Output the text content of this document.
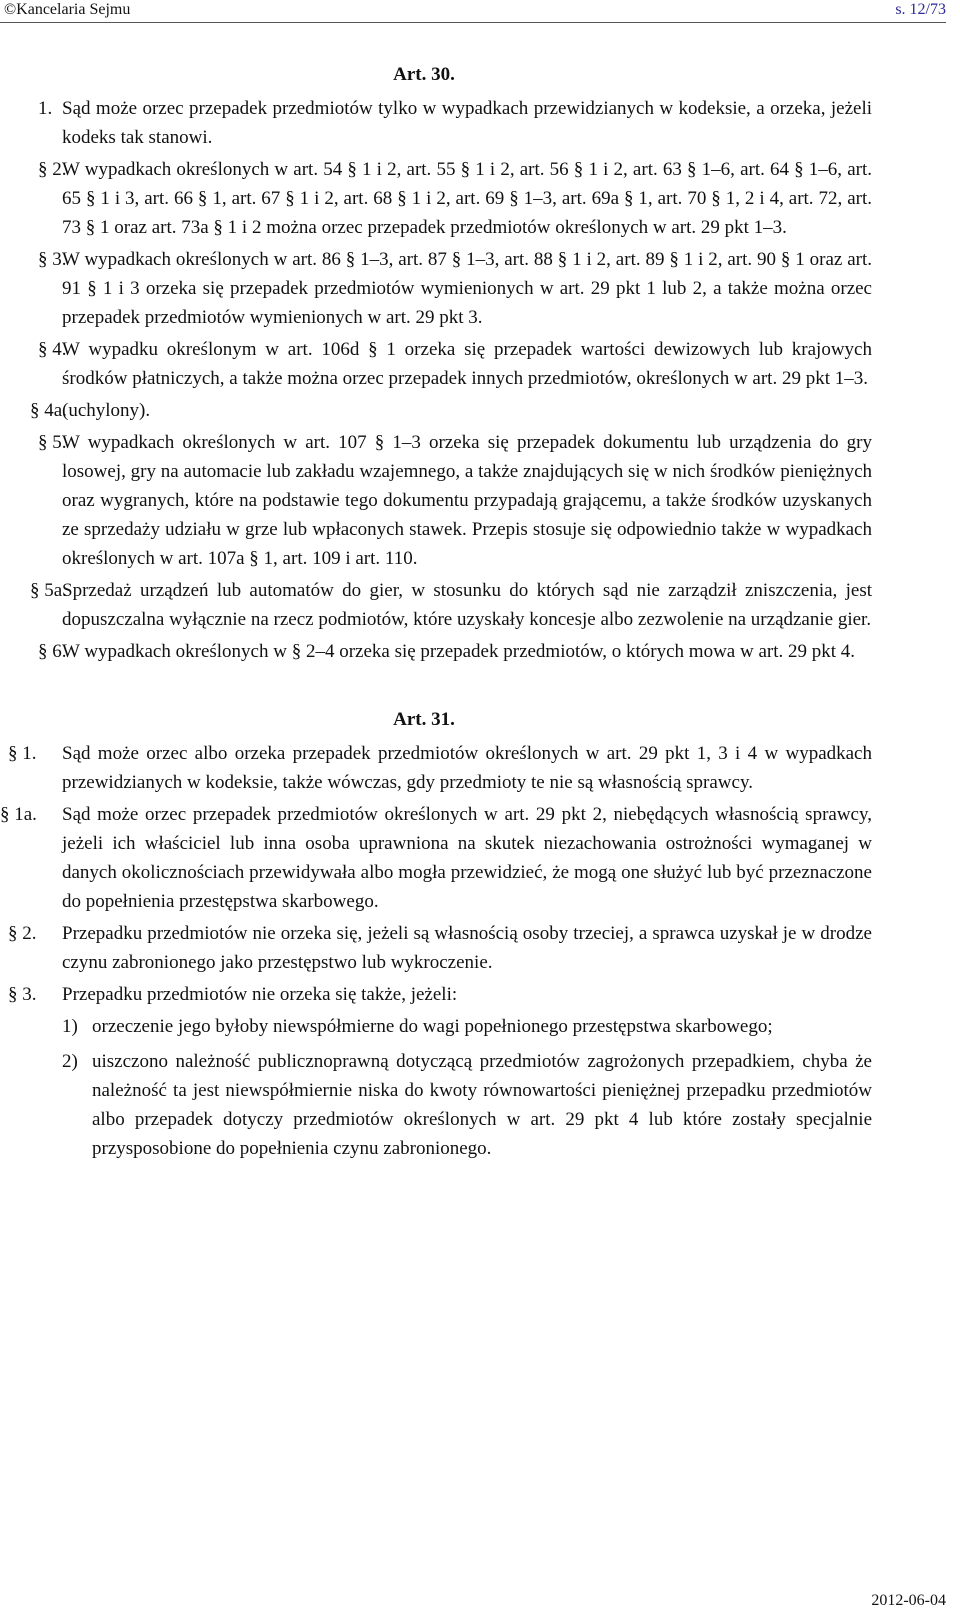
©Kancelaria Sejmu	s. 12/73
Art. 30.
1. Sąd może orzec przepadek przedmiotów tylko w wypadkach przewidzianych w kodeksie, a orzeka, jeżeli kodeks tak stanowi.
§ 2.
W wypadkach określonych w art. 54 § 1 i 2, art. 55 § 1 i 2, art. 56 § 1 i 2, art. 63 § 1–6, art. 64 § 1–6, art. 65 § 1 i 3, art. 66 § 1, art. 67 § 1 i 2, art. 68 § 1 i 2, art. 69 § 1–3, art. 69a § 1, art. 70 § 1, 2 i 4, art. 72, art. 73 § 1 oraz art. 73a § 1 i 2 można orzec przepadek przedmiotów określonych w art. 29 pkt 1–3.
§ 3.
W wypadkach określonych w art. 86 § 1–3, art. 87 § 1–3, art. 88 § 1 i 2, art. 89 § 1 i 2, art. 90 § 1 oraz art. 91 § 1 i 3 orzeka się przepadek przedmiotów wymienionych w art. 29 pkt 1 lub 2, a także można orzec przepadek przedmiotów wymienionych w art. 29 pkt 3.
§ 4.
W wypadku określonym w art. 106d § 1 orzeka się przepadek wartości dewizowych lub krajowych środków płatniczych, a także można orzec przepadek innych przedmiotów, określonych w art. 29 pkt 1–3.
§ 4a.
(uchylony).
§ 5.
W wypadkach określonych w art. 107 § 1–3 orzeka się przepadek dokumentu lub urządzenia do gry losowej, gry na automacie lub zakładu wzajemnego, a także znajdujących się w nich środków pieniężnych oraz wygranych, które na podstawie tego dokumentu przypadają grającemu, a także środków uzyskanych ze sprzedaży udziału w grze lub wpłaconych stawek. Przepis stosuje się odpowiednio także w wypadkach określonych w art. 107a § 1, art. 109 i art. 110.
§ 5a.
Sprzedaż urządzeń lub automatów do gier, w stosunku do których sąd nie zarządził zniszczenia, jest dopuszczalna wyłącznie na rzecz podmiotów, które uzyskały koncesje albo zezwolenie na urządzanie gier.
§ 6.
W wypadkach określonych w § 2–4 orzeka się przepadek przedmiotów, o których mowa w art. 29 pkt 4.
Art. 31.
§ 1.	Sąd może orzec albo orzeka przepadek przedmiotów określonych w art. 29 pkt 1, 3 i 4 w wypadkach przewidzianych w kodeksie, także wówczas, gdy przedmioty te nie są własnością sprawcy.
§ 1a.	Sąd może orzec przepadek przedmiotów określonych w art. 29 pkt 2, niebędących własnością sprawcy, jeżeli ich właściciel lub inna osoba uprawniona na skutek niezachowania ostrożności wymaganej w danych okolicznościach przewidywała albo mogła przewidzieć, że mogą one służyć lub być przeznaczone do popełnienia przestępstwa skarbowego.
§ 2.	Przepadku przedmiotów nie orzeka się, jeżeli są własnością osoby trzeciej, a sprawca uzyskał je w drodze czynu zabronionego jako przestępstwo lub wykroczenie.
§ 3.	Przepadku przedmiotów nie orzeka się także, jeżeli:
1) orzeczenie jego byłoby niewspółmierne do wagi popełnionego przestępstwa skarbowego;
2) uiszczono należność publicznoprawną dotyczącą przedmiotów zagrożonych przepadkiem, chyba że należność ta jest niewspółmiernie niska do kwoty równowartości pieniężnej przepadku przedmiotów albo przepadek dotyczy przedmiotów określonych w art. 29 pkt 4 lub które zostały specjalnie przysposobione do popełnienia czynu zabronionego.
2012-06-04
